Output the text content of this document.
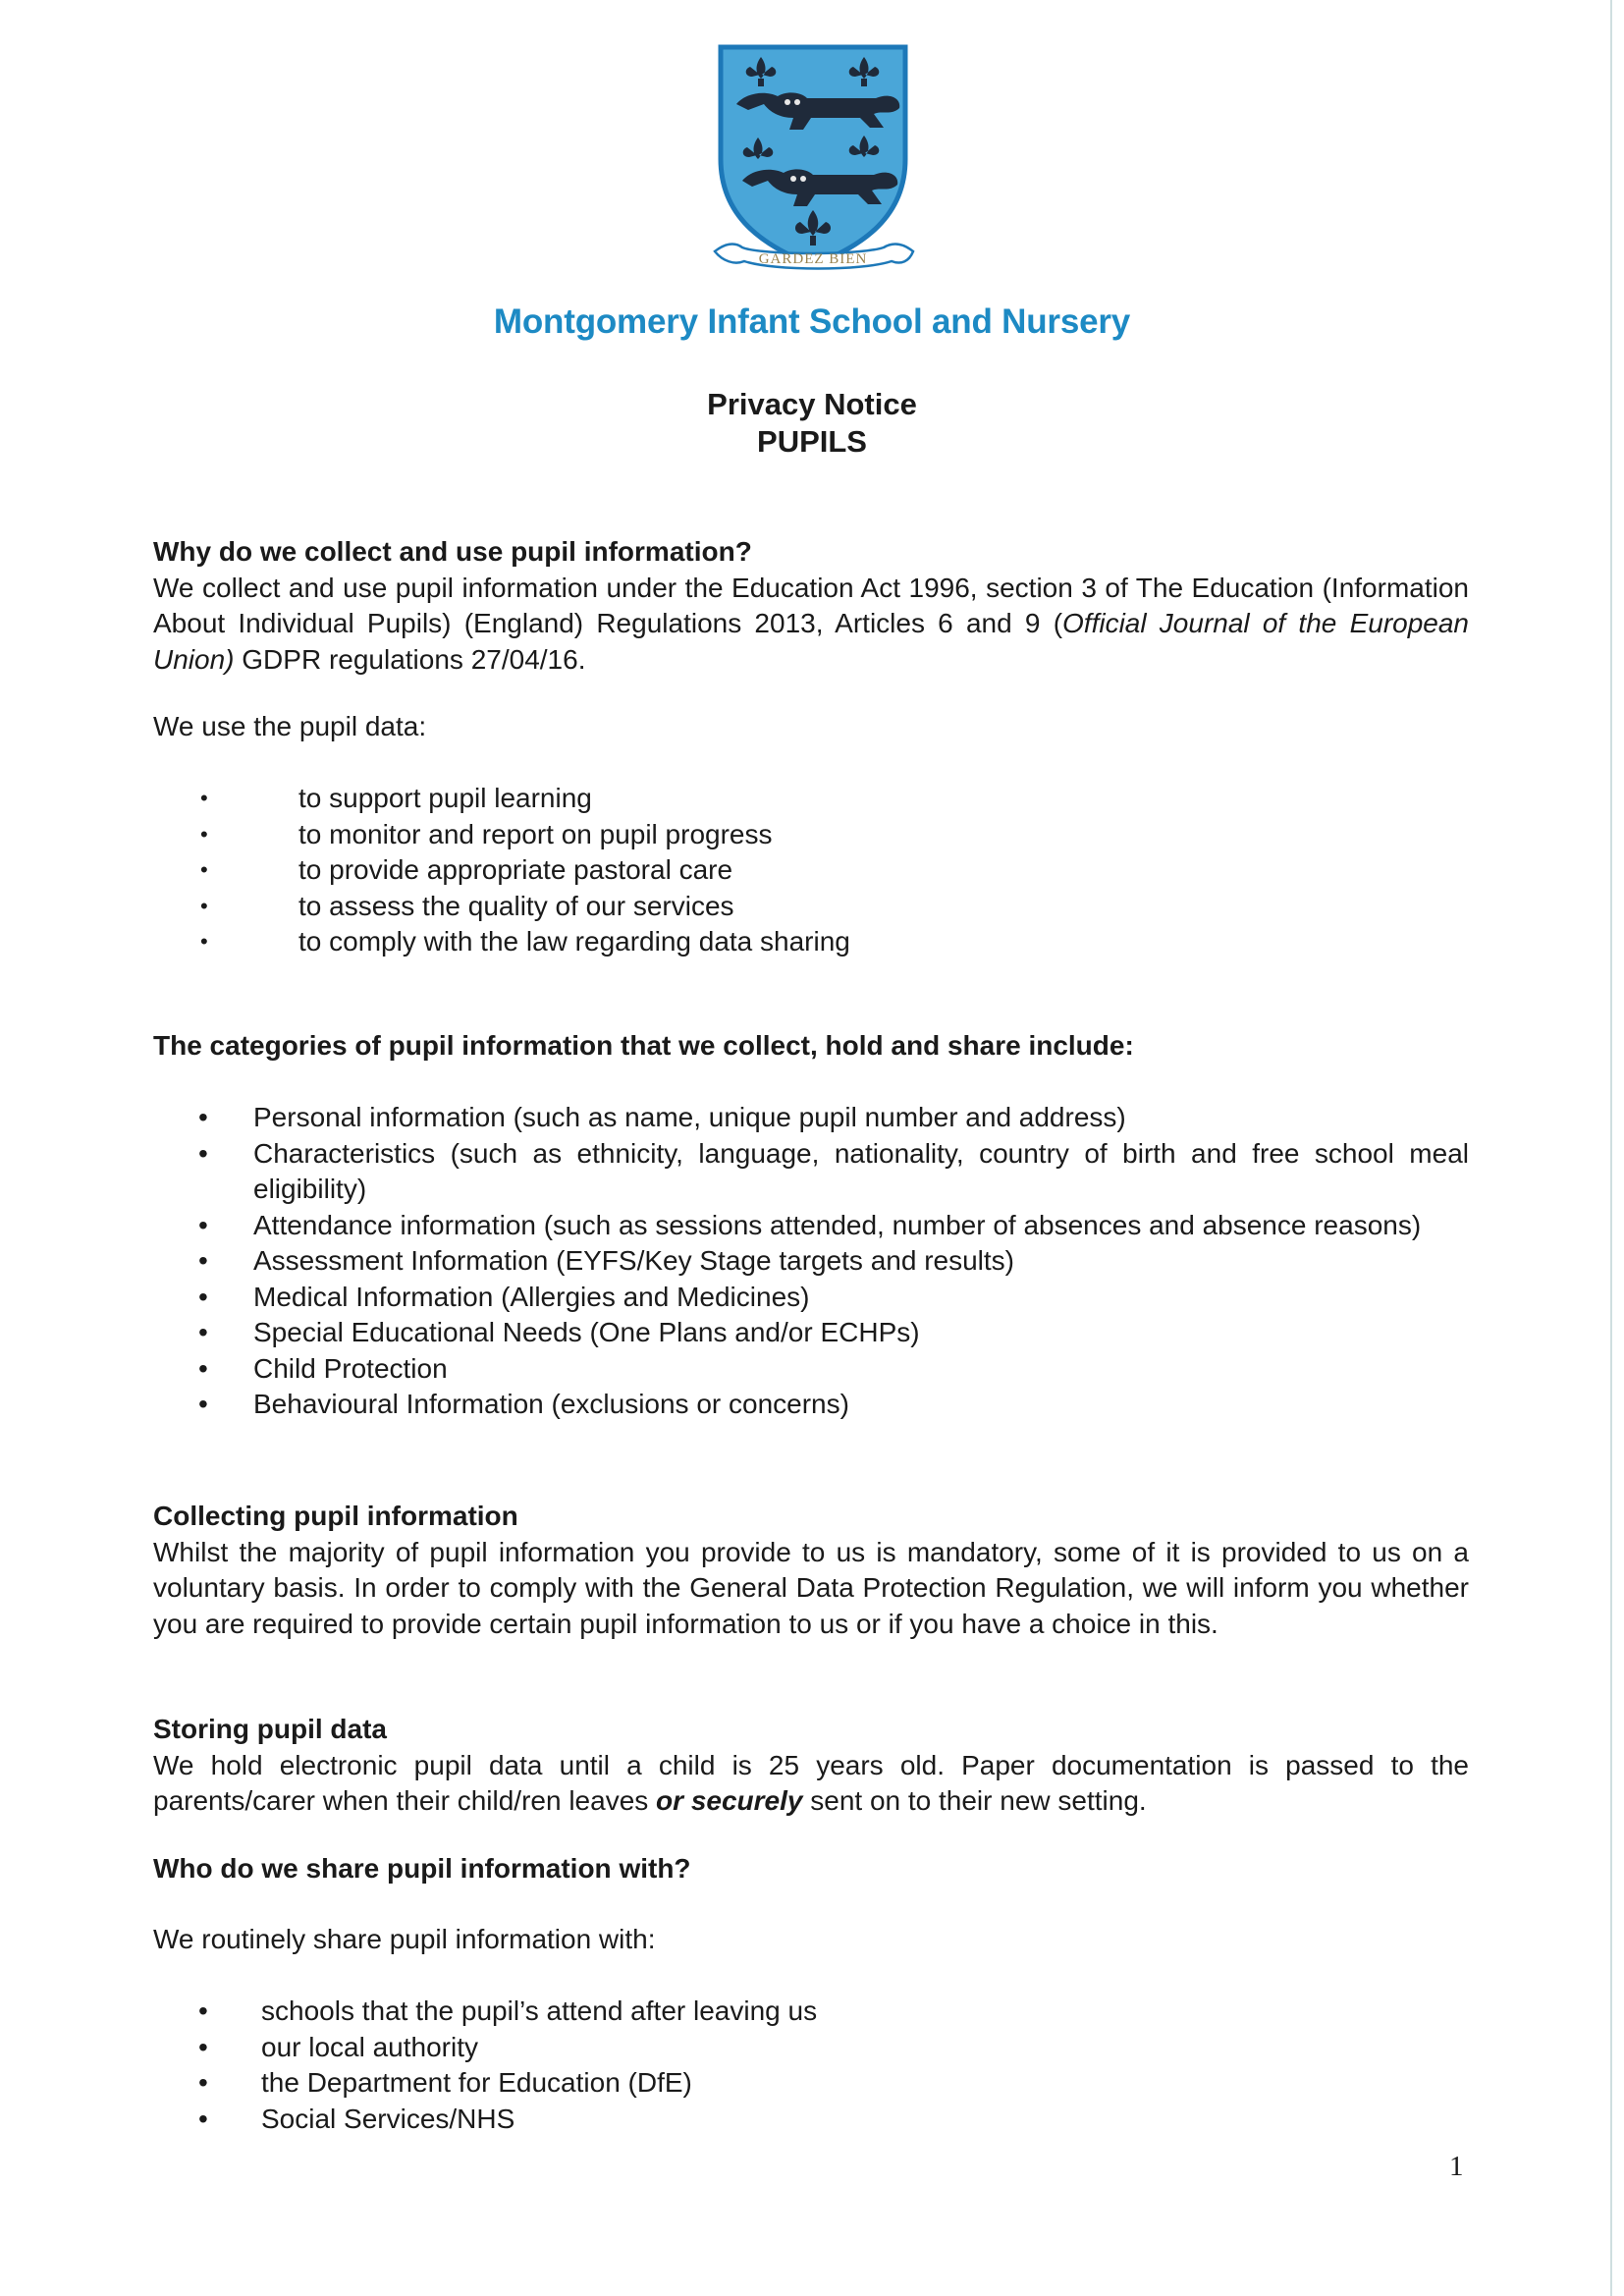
GARDEZ BIEN
Montgomery Infant School and Nursery
Privacy Notice
PUPILS
Why do we collect and use pupil information?
We collect and use pupil information under the Education Act 1996, section 3 of The Education (Information About Individual Pupils) (England) Regulations 2013, Articles 6 and 9 (Official Journal of the European Union) GDPR regulations 27/04/16.
We use the pupil data:
•	to support pupil learning
•	to monitor and report on pupil progress
•	to provide appropriate pastoral care
•	to assess the quality of our services
•	to comply with the law regarding data sharing
The categories of pupil information that we collect, hold and share include:
• Personal information (such as name, unique pupil number and address)
• Characteristics (such as ethnicity, language, nationality, country of birth and free school meal eligibility)
• Attendance information (such as sessions attended, number of absences and absence reasons)
• Assessment Information (EYFS/Key Stage targets and results)
• Medical Information (Allergies and Medicines)
• Special Educational Needs (One Plans and/or ECHPs)
• Child Protection
• Behavioural Information (exclusions or concerns)
Collecting pupil information
Whilst the majority of pupil information you provide to us is mandatory, some of it is provided to us on a voluntary basis. In order to comply with the General Data Protection Regulation, we will inform you whether you are required to provide certain pupil information to us or if you have a choice in this.
Storing pupil data
We hold electronic pupil data until a child is 25 years old. Paper documentation is passed to the parents/carer when their child/ren leaves or securely sent on to their new setting.
Who do we share pupil information with?
We routinely share pupil information with:
• schools that the pupil’s attend after leaving us
• our local authority
• the Department for Education (DfE)
• Social Services/NHS
1
